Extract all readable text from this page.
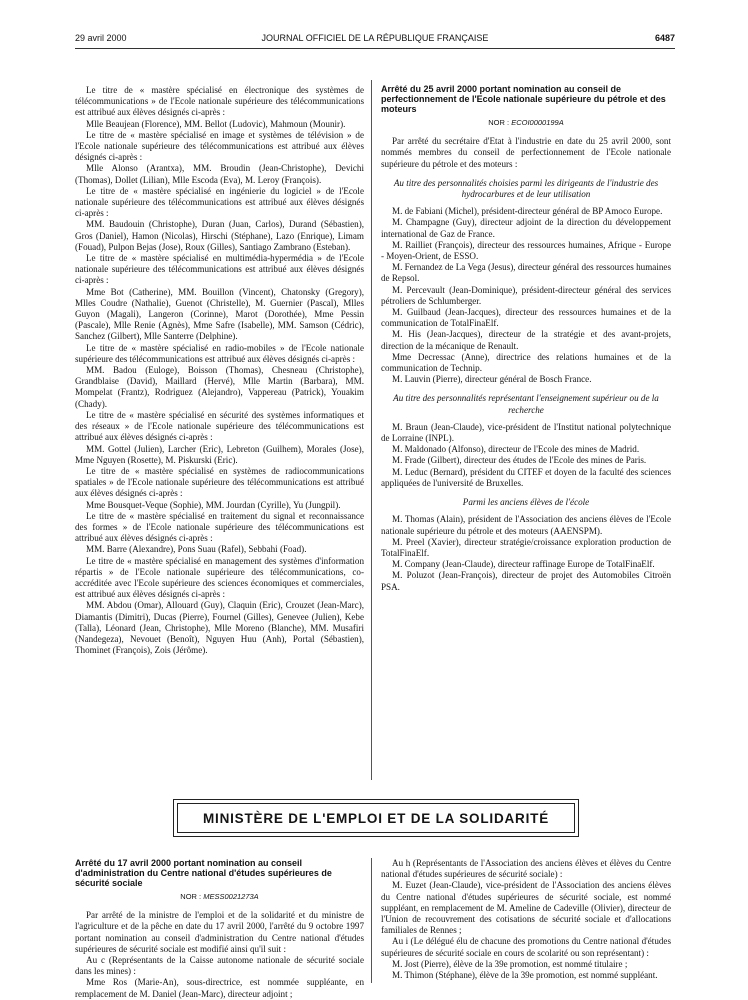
29 avril 2000	JOURNAL OFFICIEL DE LA RÉPUBLIQUE FRANÇAISE	6487

Le titre de « mastère spécialisé en électronique des systèmes de télécommunications » de l'Ecole nationale supérieure des télécommunications est attribué aux élèves désignés ci-après :

Mlle Beaujean (Florence), MM. Bellot (Ludovic), Mahmoun (Mounir).

Le titre de « mastère spécialisé en image et systèmes de télévision » de l'Ecole nationale supérieure des télécommunications est attribué aux élèves désignés ci-après :

Mlle Alonso (Arantxa), MM. Broudin (Jean-Christophe), Devichi (Thomas), Dollet (Lilian), Mlle Escoda (Eva), M. Leroy (François).

Le titre de « mastère spécialisé en ingénierie du logiciel » de l'Ecole nationale supérieure des télécommunications est attribué aux élèves désignés ci-après :

MM. Baudouin (Christophe), Duran (Juan, Carlos), Durand (Sébastien), Gros (Daniel), Hamon (Nicolas), Hirschi (Stéphane), Lazo (Enrique), Limam (Fouad), Pulpon Bejas (Jose), Roux (Gilles), Santiago Zambrano (Esteban).

Le titre de « mastère spécialisé en multimédia-hypermédia » de l'Ecole nationale supérieure des télécommunications est attribué aux élèves désignés ci-après :

Mme Bot (Catherine), MM. Bouillon (Vincent), Chatonsky (Gregory), Mlles Coudre (Nathalie), Guenot (Christelle), M. Guernier (Pascal), Mlles Guyon (Magali), Langeron (Corinne), Marot (Dorothée), Mme Pessin (Pascale), Mlle Renie (Agnès), Mme Safre (Isabelle), MM. Samson (Cédric), Sanchez (Gilbert), Mlle Santerre (Delphine).

Le titre de « mastère spécialisé en radio-mobiles » de l'Ecole nationale supérieure des télécommunications est attribué aux élèves désignés ci-après :

MM. Badou (Euloge), Boisson (Thomas), Chesneau (Christophe), Grandblaise (David), Maillard (Hervé), Mlle Martin (Barbara), MM. Mompelat (Frantz), Rodriguez (Alejandro), Vappereau (Patrick), Youakim (Chady).

Le titre de « mastère spécialisé en sécurité des systèmes informatiques et des réseaux » de l'Ecole nationale supérieure des télécommunications est attribué aux élèves désignés ci-après :

MM. Gottel (Julien), Larcher (Eric), Lebreton (Guilhem), Morales (Jose), Mme Nguyen (Rosette), M. Piskurski (Eric).

Le titre de « mastère spécialisé en systèmes de radiocommunications spatiales » de l'Ecole nationale supérieure des télécommunications est attribué aux élèves désignés ci-après :

Mme Bousquet-Veque (Sophie), MM. Jourdan (Cyrille), Yu (Jungpil).

Le titre de « mastère spécialisé en traitement du signal et reconnaissance des formes » de l'Ecole nationale supérieure des télécommunications est attribué aux élèves désignés ci-après :

MM. Barre (Alexandre), Pons Suau (Rafel), Sebbahi (Foad).

Le titre de « mastère spécialisé en management des systèmes d'information répartis » de l'Ecole nationale supérieure des télécommunications, co-accréditée avec l'Ecole supérieure des sciences économiques et commerciales, est attribué aux élèves désignés ci-après :

MM. Abdou (Omar), Allouard (Guy), Claquin (Eric), Crouzet (Jean-Marc), Diamantis (Dimitri), Ducas (Pierre), Fournel (Gilles), Genevee (Julien), Kebe (Talla), Léonard (Jean, Christophe), Mlle Moreno (Blanche), MM. Musafiri (Nandegeza), Nevouet (Benoît), Nguyen Huu (Anh), Portal (Sébastien), Thominet (François), Zois (Jérôme).

Arrêté du 25 avril 2000 portant nomination au conseil de perfectionnement de l'Ecole nationale supérieure du pétrole et des moteurs

NOR : ECOI0000199A

Par arrêté du secrétaire d'Etat à l'industrie en date du 25 avril 2000, sont nommés membres du conseil de perfectionnement de l'Ecole nationale supérieure du pétrole et des moteurs :

Au titre des personnalités choisies parmi les dirigeants de l'industrie des hydrocarbures et de leur utilisation

M. de Fabiani (Michel), président-directeur général de BP Amoco Europe.

M. Champagne (Guy), directeur adjoint de la direction du développement international de Gaz de France.

M. Railliet (François), directeur des ressources humaines, Afrique - Europe - Moyen-Orient, de ESSO.

M. Fernandez de La Vega (Jesus), directeur général des ressources humaines de Repsol.

M. Percevault (Jean-Dominique), président-directeur général des services pétroliers de Schlumberger.

M. Guilbaud (Jean-Jacques), directeur des ressources humaines et de la communication de TotalFinaElf.

M. His (Jean-Jacques), directeur de la stratégie et des avant-projets, direction de la mécanique de Renault.

Mme Decressac (Anne), directrice des relations humaines et de la communication de Technip.

M. Lauvin (Pierre), directeur général de Bosch France.

Au titre des personnalités représentant l'enseignement supérieur ou de la recherche

M. Braun (Jean-Claude), vice-président de l'Institut national polytechnique de Lorraine (INPL).

M. Maldonado (Alfonso), directeur de l'Ecole des mines de Madrid.

M. Frade (Gilbert), directeur des études de l'Ecole des mines de Paris.

M. Leduc (Bernard), président du CITEF et doyen de la faculté des sciences appliquées de l'université de Bruxelles.

Parmi les anciens élèves de l'école

M. Thomas (Alain), président de l'Association des anciens élèves de l'Ecole nationale supérieure du pétrole et des moteurs (AAENSPM).

M. Preel (Xavier), directeur stratégie/croissance exploration production de TotalFinaElf.

M. Company (Jean-Claude), directeur raffinage Europe de TotalFinaElf.

M. Poluzot (Jean-François), directeur de projet des Automobiles Citroën PSA.

MINISTÈRE DE L'EMPLOI ET DE LA SOLIDARITÉ

Arrêté du 17 avril 2000 portant nomination au conseil d'administration du Centre national d'études supérieures de sécurité sociale

NOR : MESS0021273A

Par arrêté de la ministre de l'emploi et de la solidarité et du ministre de l'agriculture et de la pêche en date du 17 avril 2000, l'arrêté du 9 octobre 1997 portant nomination au conseil d'administration du Centre national d'études supérieures de sécurité sociale est modifié ainsi qu'il suit :

Au c (Représentants de la Caisse autonome nationale de sécurité sociale dans les mines) :

Mme Ros (Marie-An), sous-directrice, est nommée suppléante, en remplacement de M. Daniel (Jean-Marc), directeur adjoint ;

Au h (Représentants de l'Association des anciens élèves et élèves du Centre national d'études supérieures de sécurité sociale) :

M. Euzet (Jean-Claude), vice-président de l'Association des anciens élèves du Centre national d'études supérieures de sécurité sociale, est nommé suppléant, en remplacement de M. Ameline de Cadeville (Olivier), directeur de l'Union de recouvrement des cotisations de sécurité sociale et d'allocations familiales de Rennes ;

Au i (Le délégué élu de chacune des promotions du Centre national d'études supérieures de sécurité sociale en cours de scolarité ou son représentant) :

M. Jost (Pierre), élève de la 39e promotion, est nommé titulaire ;

M. Thimon (Stéphane), élève de la 39e promotion, est nommé suppléant.
